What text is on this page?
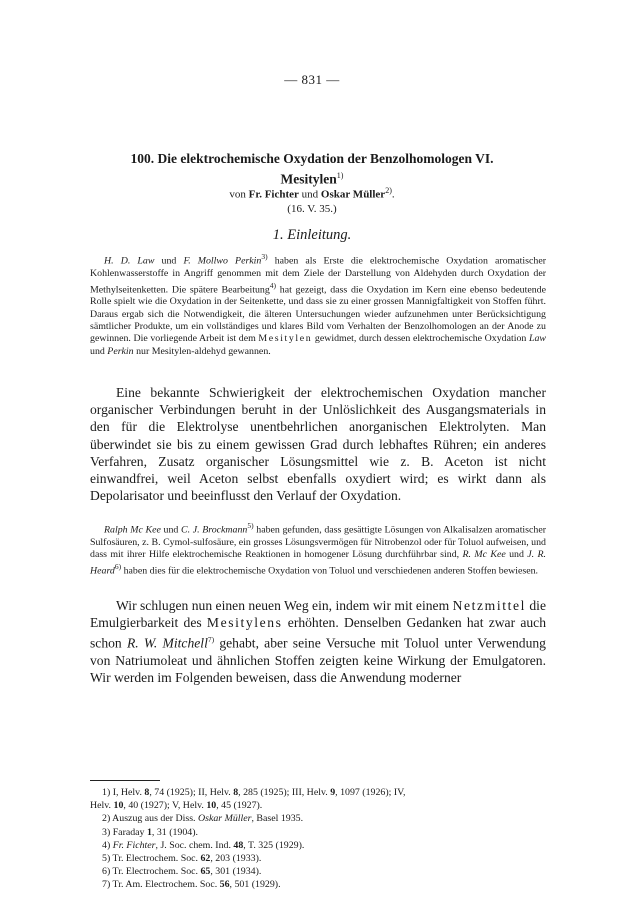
— 831 —
100. Die elektrochemische Oxydation der Benzolhomologen VI.
Mesitylen$^{1)}$
von Fr. Fichter und Oskar Müller$^{2)}$.
(16. V. 35.)
1. Einleitung.

H. D. Law und F. Mollwo Perkin$^{3)}$ haben als Erste die elektrochemische Oxydation aromatischer Kohlenwasserstoffe in Angriff genommen mit dem Ziele der Darstellung von Aldehyden durch Oxydation der Methylseitenketten. Die spätere Bearbeitung$^{4)}$ hat gezeigt, dass die Oxydation im Kern eine ebenso bedeutende Rolle spielt wie die Oxydation in der Seitenkette, und dass sie zu einer grossen Mannigfaltigkeit von Stoffen führt. Daraus ergab sich die Notwendigkeit, die älteren Untersuchungen wieder aufzunehmen unter Berücksichtigung sämtlicher Produkte, um ein vollständiges und klares Bild vom Verhalten der Benzolhomologen an der Anode zu gewinnen. Die vorliegende Arbeit ist dem Mesitylen gewidmet, durch dessen elektrochemische Oxydation Law und Perkin nur Mesitylen-aldehyd gewannen.

Eine bekannte Schwierigkeit der elektrochemischen Oxydation mancher organischer Verbindungen beruht in der Unlöslichkeit des Ausgangsmaterials in den für die Elektrolyse unentbehrlichen anorganischen Elektrolyten. Man überwindet sie bis zu einem gewissen Grad durch lebhaftes Rühren; ein anderes Verfahren, Zusatz organischer Lösungsmittel wie z. B. Aceton ist nicht einwandfrei, weil Aceton selbst ebenfalls oxydiert wird; es wirkt dann als Depolarisator und beeinflusst den Verlauf der Oxydation.

Ralph Mc Kee und C. J. Brockmann$^{5)}$ haben gefunden, dass gesättigte Lösungen von Alkalisalzen aromatischer Sulfosäuren, z. B. Cymol-sulfosäure, ein grosses Lösungsvermögen für Nitrobenzol oder für Toluol aufweisen, und dass mit ihrer Hilfe elektrochemische Reaktionen in homogener Lösung durchführbar sind, R. Mc Kee und J. R. Heard$^{6)}$ haben dies für die elektrochemische Oxydation von Toluol und verschiedenen anderen Stoffen bewiesen.

Wir schlugen nun einen neuen Weg ein, indem wir mit einem Netzmittel die Emulgierbarkeit des Mesitylens erhöhten. Denselben Gedanken hat zwar auch schon R. W. Mitchell$^{7)}$ gehabt, aber seine Versuche mit Toluol unter Verwendung von Natriumoleat und ähnlichen Stoffen zeigten keine Wirkung der Emulgatoren. Wir werden im Folgenden beweisen, dass die Anwendung moderner

1) I, Helv. 8, 74 (1925); II, Helv. 8, 285 (1925); III, Helv. 9, 1097 (1926); IV,
Helv. 10, 40 (1927); V, Helv. 10, 45 (1927).
2) Auszug aus der Diss. Oskar Müller, Basel 1935.
3) Faraday 1, 31 (1904).
4) Fr. Fichter, J. Soc. chem. Ind. 48, T. 325 (1929).
5) Tr. Electrochem. Soc. 62, 203 (1933).
6) Tr. Electrochem. Soc. 65, 301 (1934).
7) Tr. Am. Electrochem. Soc. 56, 501 (1929).
